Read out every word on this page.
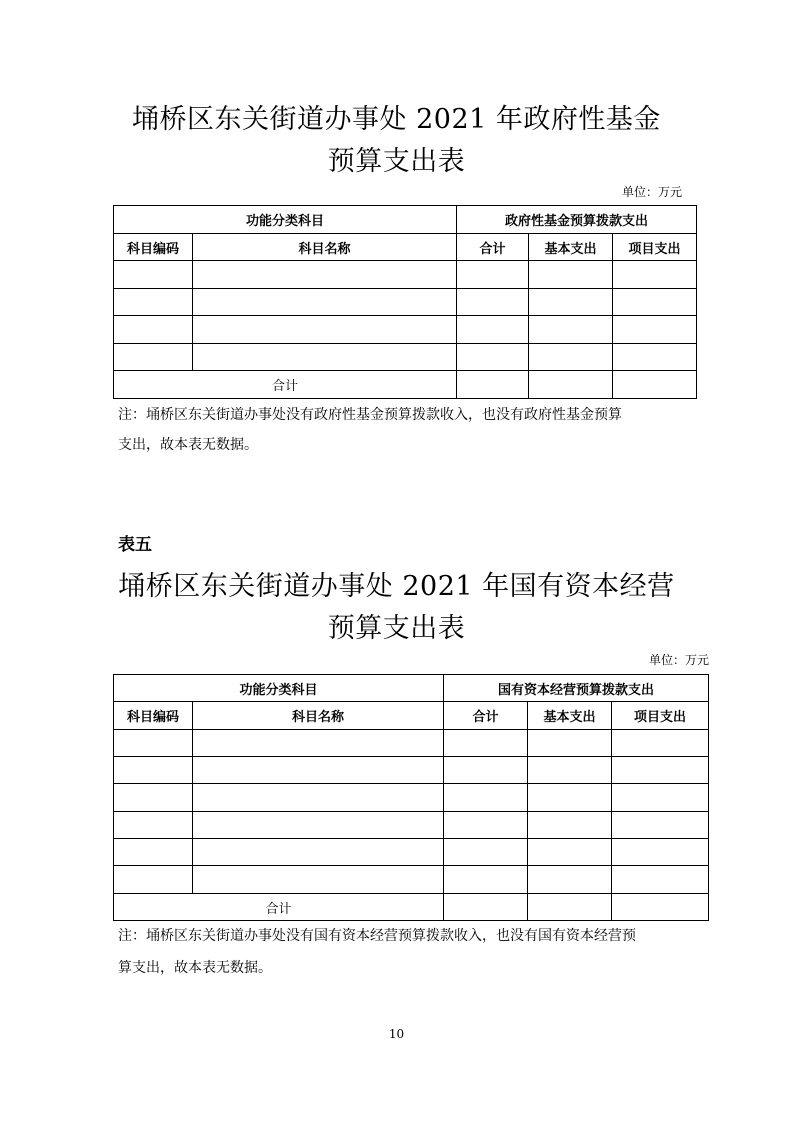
埇桥区东关街道办事处 2021 年政府性基金
预算支出表
单位：万元
功能分类科目		政府性基金预算拨款支出		
科目编码	科目名称	合计	基本支出	项目支出

合计				
注：埇桥区东关街道办事处没有政府性基金预算拨款收入，也没有政府性基金预算
支出，故本表无数据。
表五
埇桥区东关街道办事处 2021 年国有资本经营
预算支出表
单位：万元
功能分类科目		国有资本经营预算拨款支出		
科目编码	科目名称	合计	基本支出	项目支出

合计				
注：埇桥区东关街道办事处没有国有资本经营预算拨款收入，也没有国有资本经营预
算支出，故本表无数据。
10
